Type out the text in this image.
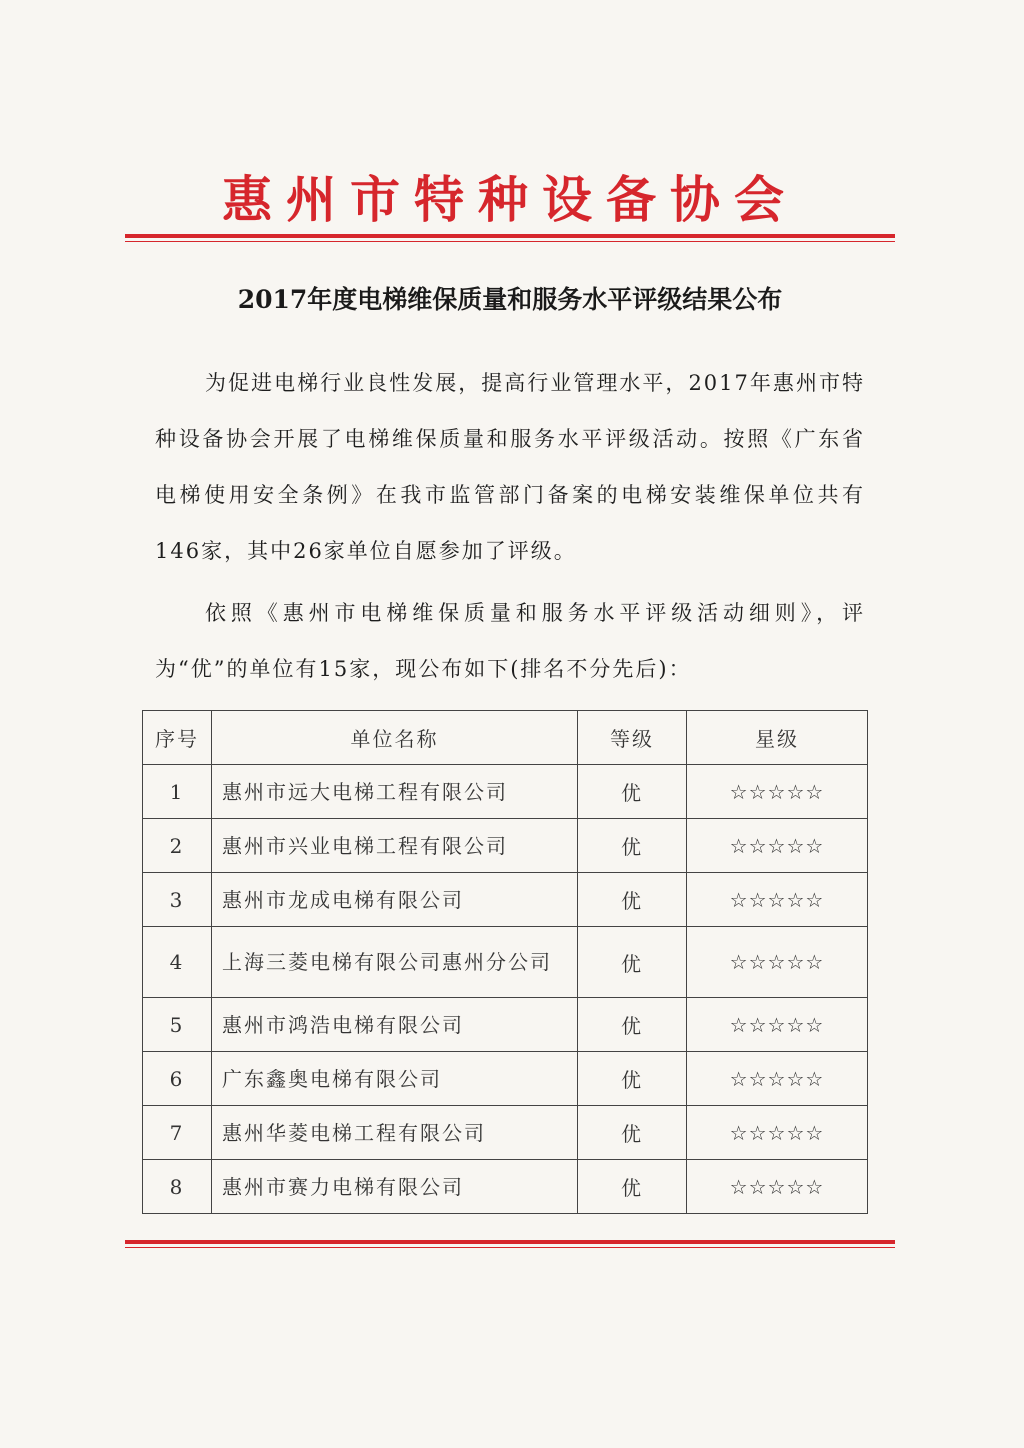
惠州市特种设备协会
2017年度电梯维保质量和服务水平评级结果公布

为促进电梯行业良性发展，提高行业管理水平，2017年惠州市特种设备协会开展了电梯维保质量和服务水平评级活动。按照《广东省电梯使用安全条例》在我市监管部门备案的电梯安装维保单位共有146家，其中26家单位自愿参加了评级。

依照《惠州市电梯维保质量和服务水平评级活动细则》，评为“优”的单位有15家，现公布如下(排名不分先后)：

序号	单位名称	等级	星级
1	惠州市远大电梯工程有限公司	优	☆☆☆☆☆
2	惠州市兴业电梯工程有限公司	优	☆☆☆☆☆
3	惠州市龙成电梯有限公司	优	☆☆☆☆☆
4	上海三菱电梯有限公司惠州分公司	优	☆☆☆☆☆
5	惠州市鸿浩电梯有限公司	优	☆☆☆☆☆
6	广东鑫奥电梯有限公司	优	☆☆☆☆☆
7	惠州华菱电梯工程有限公司	优	☆☆☆☆☆
8	惠州市赛力电梯有限公司	优	☆☆☆☆☆
